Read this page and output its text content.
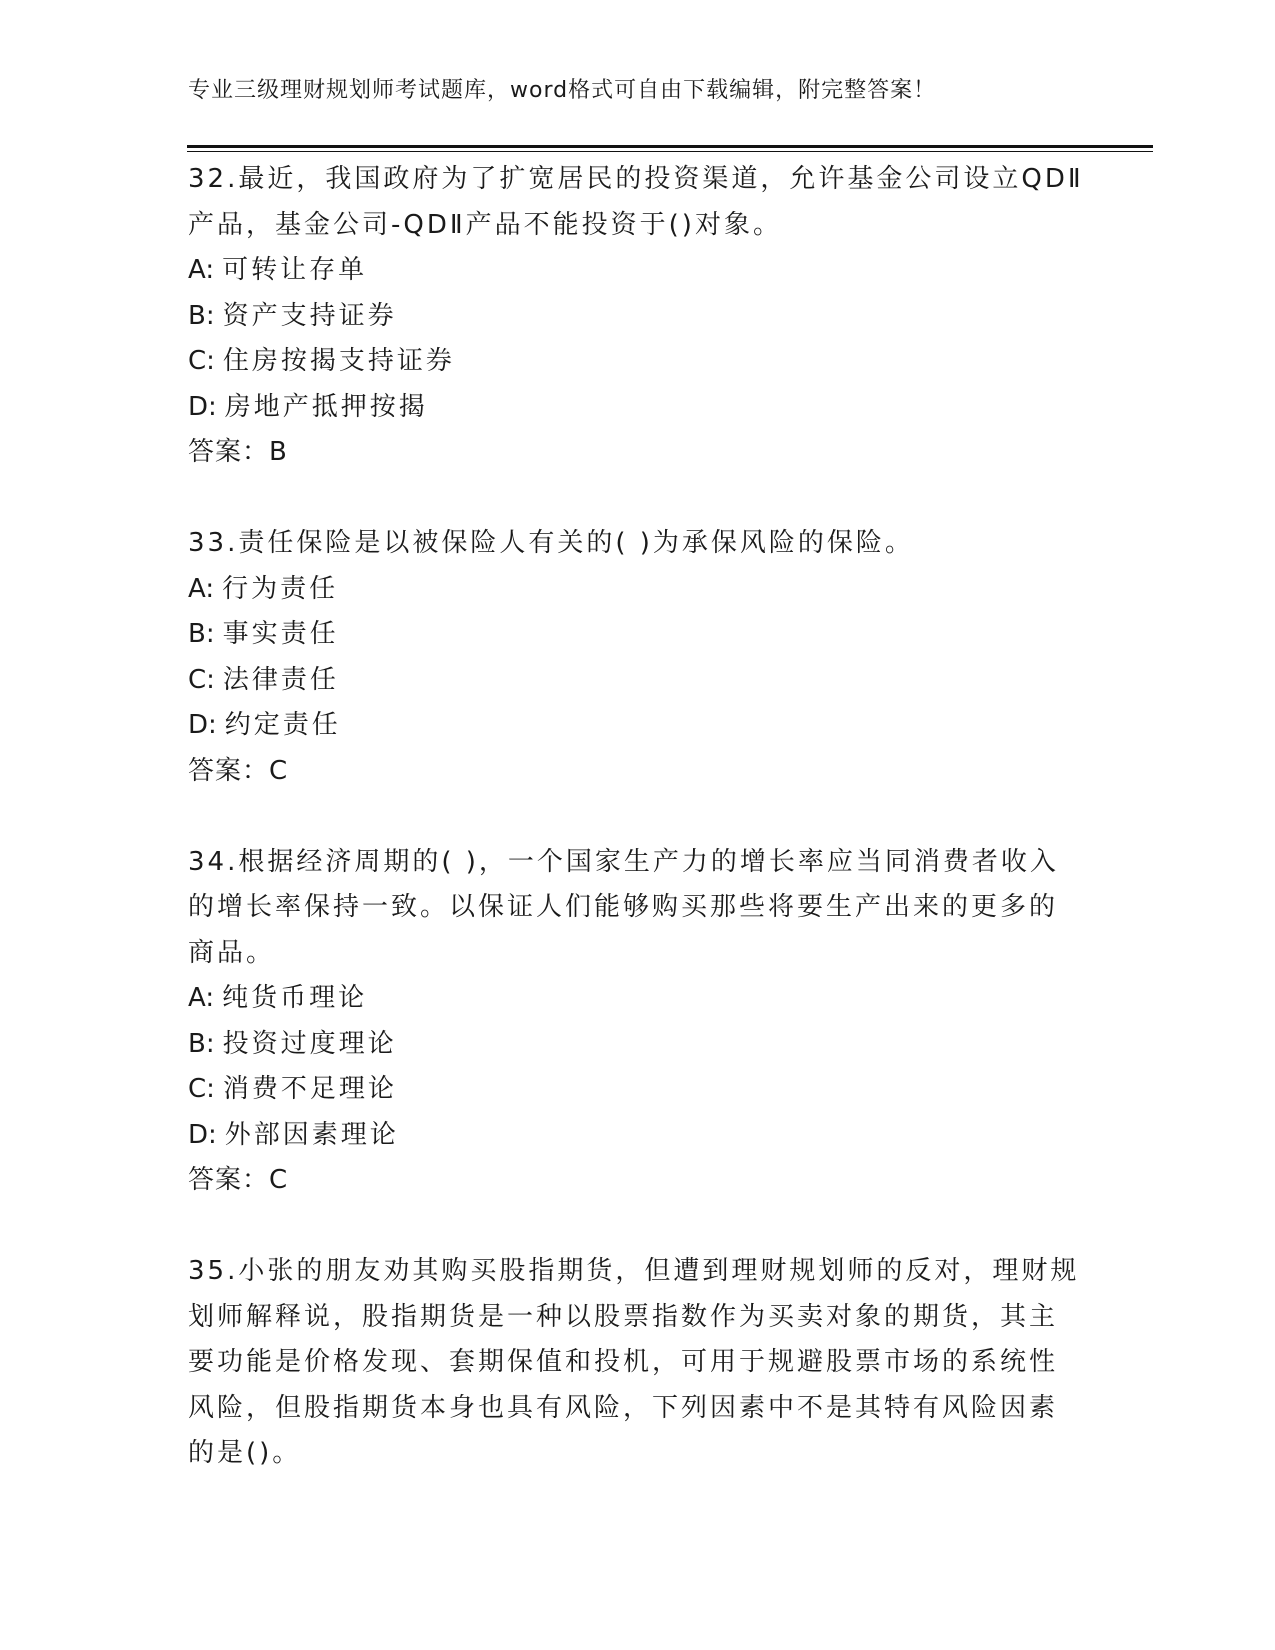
专业三级理财规划师考试题库，word格式可自由下载编辑，附完整答案！
32.最近，我国政府为了扩宽居民的投资渠道，允许基金公司设立QDⅡ
产品，基金公司-QDⅡ产品不能投资于()对象。
A: 可转让存单
B: 资产支持证券
C: 住房按揭支持证券
D: 房地产抵押按揭
答案：B
33.责任保险是以被保险人有关的( )为承保风险的保险。
A: 行为责任
B: 事实责任
C: 法律责任
D: 约定责任
答案：C
34.根据经济周期的( )，一个国家生产力的增长率应当同消费者收入
的增长率保持一致。以保证人们能够购买那些将要生产出来的更多的
商品。
A: 纯货币理论
B: 投资过度理论
C: 消费不足理论
D: 外部因素理论
答案：C
35.小张的朋友劝其购买股指期货，但遭到理财规划师的反对，理财规
划师解释说，股指期货是一种以股票指数作为买卖对象的期货，其主
要功能是价格发现、套期保值和投机，可用于规避股票市场的系统性
风险，但股指期货本身也具有风险，下列因素中不是其特有风险因素
的是()。
